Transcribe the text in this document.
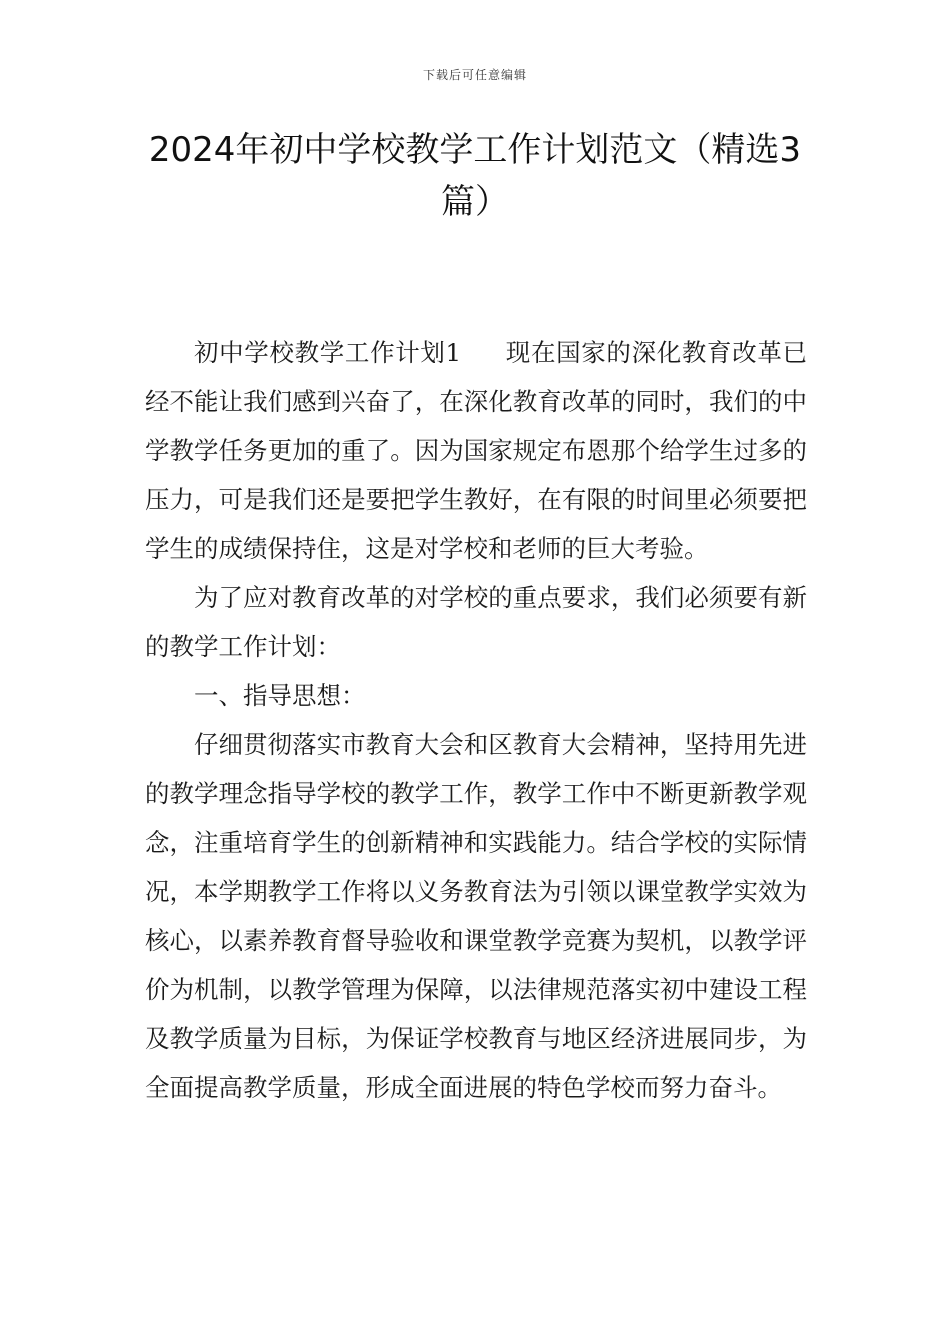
下载后可任意编辑
2024年初中学校教学工作计划范文（精选3篇）

初中学校教学工作计划1 现在国家的深化教育改革已经不能让我们感到兴奋了，在深化教育改革的同时，我们的中学教学任务更加的重了。因为国家规定布恩那个给学生过多的压力，可是我们还是要把学生教好，在有限的时间里必须要把学生的成绩保持住，这是对学校和老师的巨大考验。

为了应对教育改革的对学校的重点要求，我们必须要有新的教学工作计划：

一、指导思想：

仔细贯彻落实市教育大会和区教育大会精神，坚持用先进的教学理念指导学校的教学工作，教学工作中不断更新教学观念，注重培育学生的创新精神和实践能力。结合学校的实际情况，本学期教学工作将以义务教育法为引领以课堂教学实效为核心，以素养教育督导验收和课堂教学竞赛为契机，以教学评价为机制，以教学管理为保障，以法律规范落实初中建设工程及教学质量为目标，为保证学校教育与地区经济进展同步，为全面提高教学质量，形成全面进展的特色学校而努力奋斗。
